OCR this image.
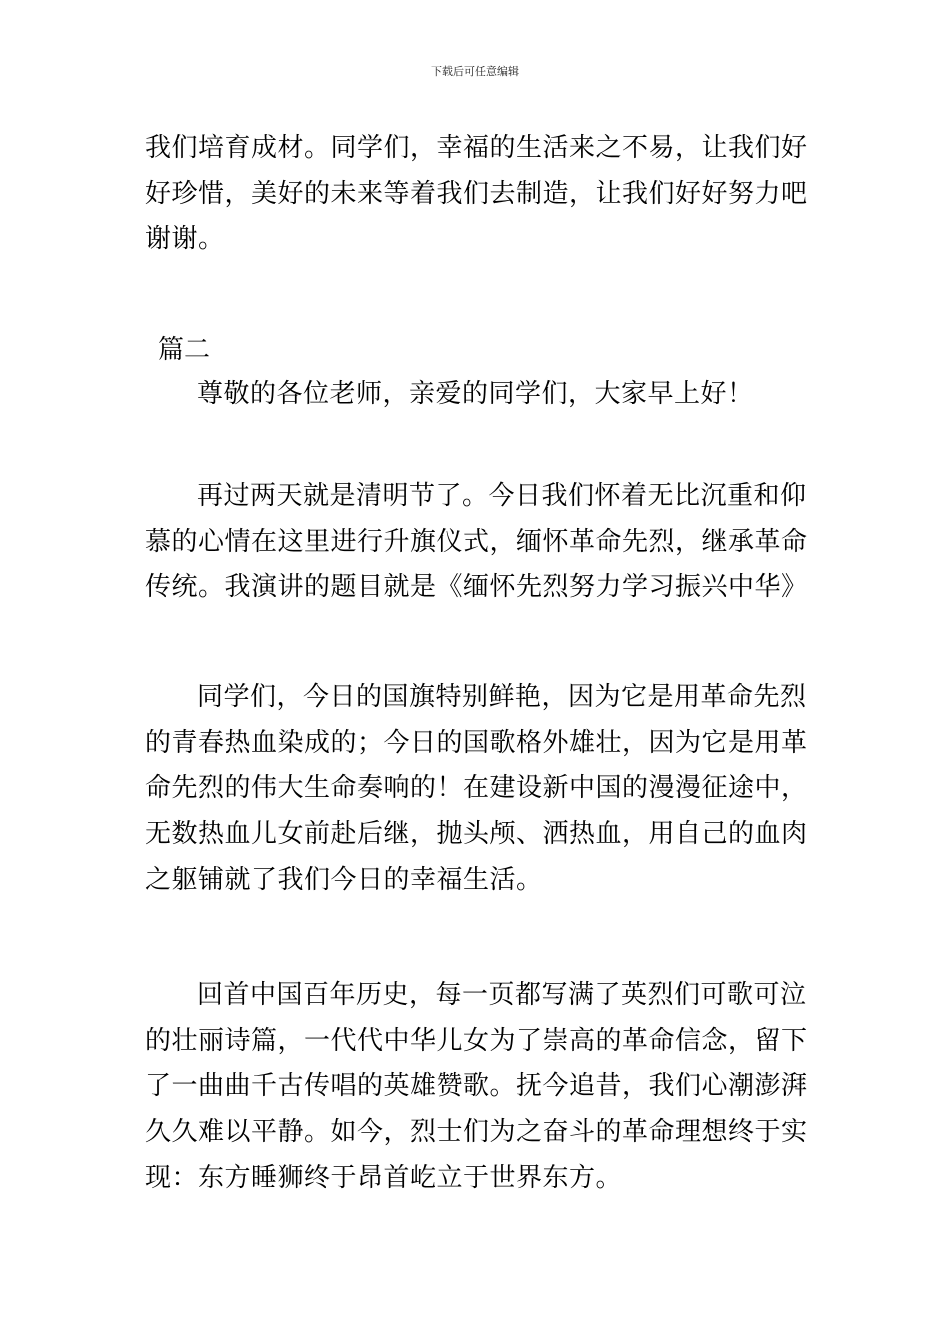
下载后可任意编辑
我们培育成材。同学们，幸福的生活来之不易，让我们好好珍惜，美好的未来等着我们去制造，让我们好好努力吧谢谢。
篇二
尊敬的各位老师，亲爱的同学们，大家早上好！
再过两天就是清明节了。今日我们怀着无比沉重和仰慕的心情在这里进行升旗仪式，缅怀革命先烈，继承革命传统。我演讲的题目就是《缅怀先烈努力学习振兴中华》
同学们，今日的国旗特别鲜艳，因为它是用革命先烈的青春热血染成的；今日的国歌格外雄壮，因为它是用革命先烈的伟大生命奏响的！在建设新中国的漫漫征途中，无数热血儿女前赴后继，抛头颅、洒热血，用自己的血肉之躯铺就了我们今日的幸福生活。
回首中国百年历史，每一页都写满了英烈们可歌可泣的壮丽诗篇，一代代中华儿女为了崇高的革命信念，留下了一曲曲千古传唱的英雄赞歌。抚今追昔，我们心潮澎湃久久难以平静。如今，烈士们为之奋斗的革命理想终于实现：东方睡狮终于昂首屹立于世界东方。
